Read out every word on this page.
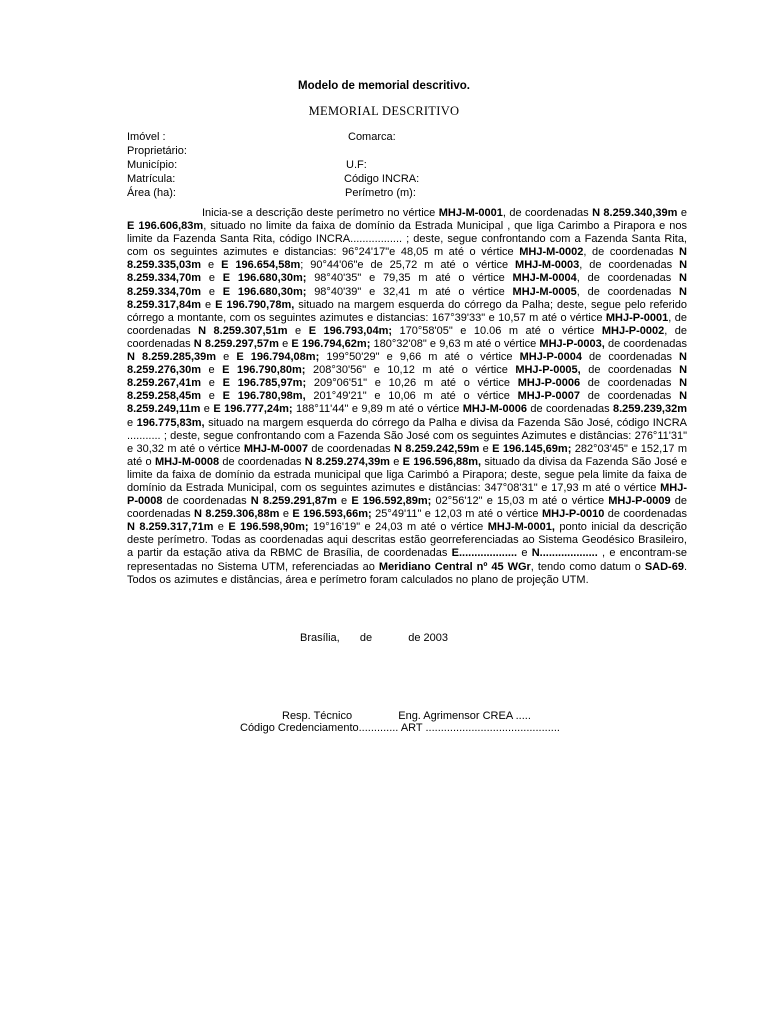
Modelo de memorial descritivo.
MEMORIAL DESCRITIVO
Imóvel :	Comarca:
Proprietário:
Município:	U.F:
Matrícula:	Código INCRA:
Área (ha):	Perímetro (m):

Inicia-se a descrição deste perímetro no vértice MHJ-M-0001, de coordenadas N 8.259.340,39m e E 196.606,83m, situado no limite da faixa de domínio da Estrada Municipal , que liga Carimbo a Pirapora e nos limite da Fazenda Santa Rita, código INCRA................. ; deste, segue confrontando com a Fazenda Santa Rita, com os seguintes azimutes e distancias: 96°24'17"e 48,05 m até o vértice MHJ-M-0002, de coordenadas N 8.259.335,03m e E 196.654,58m; 90°44'06"e de 25,72 m até o vértice MHJ-M-0003, de coordenadas N 8.259.334,70m e E 196.680,30m; 98°40'35" e 79,35 m até o vértice MHJ-M-0004, de coordenadas N 8.259.334,70m e E 196.680,30m; 98°40'39" e 32,41 m até o vértice MHJ-M-0005, de coordenadas N 8.259.317,84m e E 196.790,78m, situado na margem esquerda do córrego da Palha; deste, segue pelo referido córrego a montante, com os seguintes azimutes e distancias: 167°39'33" e 10,57 m até o vértice MHJ-P-0001, de coordenadas N 8.259.307,51m e E 196.793,04m; 170°58'05" e 10.06 m até o vértice MHJ-P-0002, de coordenadas N 8.259.297,57m e E 196.794,62m; 180°32'08" e 9,63 m até o vértice MHJ-P-0003, de coordenadas N 8.259.285,39m e E 196.794,08m; 199°50'29" e 9,66 m até o vértice MHJ-P-0004 de coordenadas N 8.259.276,30m e E 196.790,80m; 208°30'56" e 10,12 m até o vértice MHJ-P-0005, de coordenadas N 8.259.267,41m e E 196.785,97m; 209°06'51" e 10,26 m até o vértice MHJ-P-0006 de coordenadas N 8.259.258,45m e E 196.780,98m, 201°49'21" e 10,06 m até o vértice MHJ-P-0007 de coordenadas N 8.259.249,11m e E 196.777,24m; 188°11'44" e 9,89 m até o vértice MHJ-M-0006 de coordenadas 8.259.239,32m e 196.775,83m, situado na margem esquerda do córrego da Palha e divisa da Fazenda São José, código INCRA ........... ; deste, segue confrontando com a Fazenda São José com os seguintes Azimutes e distâncias: 276°11'31" e 30,32 m até o vértice MHJ-M-0007 de coordenadas N 8.259.242,59m e E 196.145,69m; 282°03'45" e 152,17 m até o MHJ-M-0008 de coordenadas N 8.259.274,39m e E 196.596,88m, situado da divisa da Fazenda São José e limite da faixa de domínio da estrada municipal que liga Carimbó a Pirapora; deste, segue pela limite da faixa de domínio da Estrada Municipal, com os seguintes azimutes e distâncias: 347°08'31" e 17,93 m até o vértice MHJ-P-0008 de coordenadas N 8.259.291,87m e E 196.592,89m; 02°56'12" e 15,03 m até o vértice MHJ-P-0009 de coordenadas N 8.259.306,88m e E 196.593,66m; 25°49'11" e 12,03 m até o vértice MHJ-P-0010 de coordenadas N 8.259.317,71m e E 196.598,90m; 19°16'19" e 24,03 m até o vértice MHJ-M-0001, ponto inicial da descrição deste perímetro. Todas as coordenadas aqui descritas estão georreferenciadas ao Sistema Geodésico Brasileiro, a partir da estação ativa da RBMC de Brasília, de coordenadas E................... e N................... , e encontram-se representadas no Sistema UTM, referenciadas ao Meridiano Central nº 45 WGr, tendo como datum o SAD-69. Todos os azimutes e distâncias, área e perímetro foram calculados no plano de projeção UTM.

Brasília, de	de 2003
Resp. Técnico	Eng. Agrimensor CREA .....
Código Credenciamento............. ART ............................................
